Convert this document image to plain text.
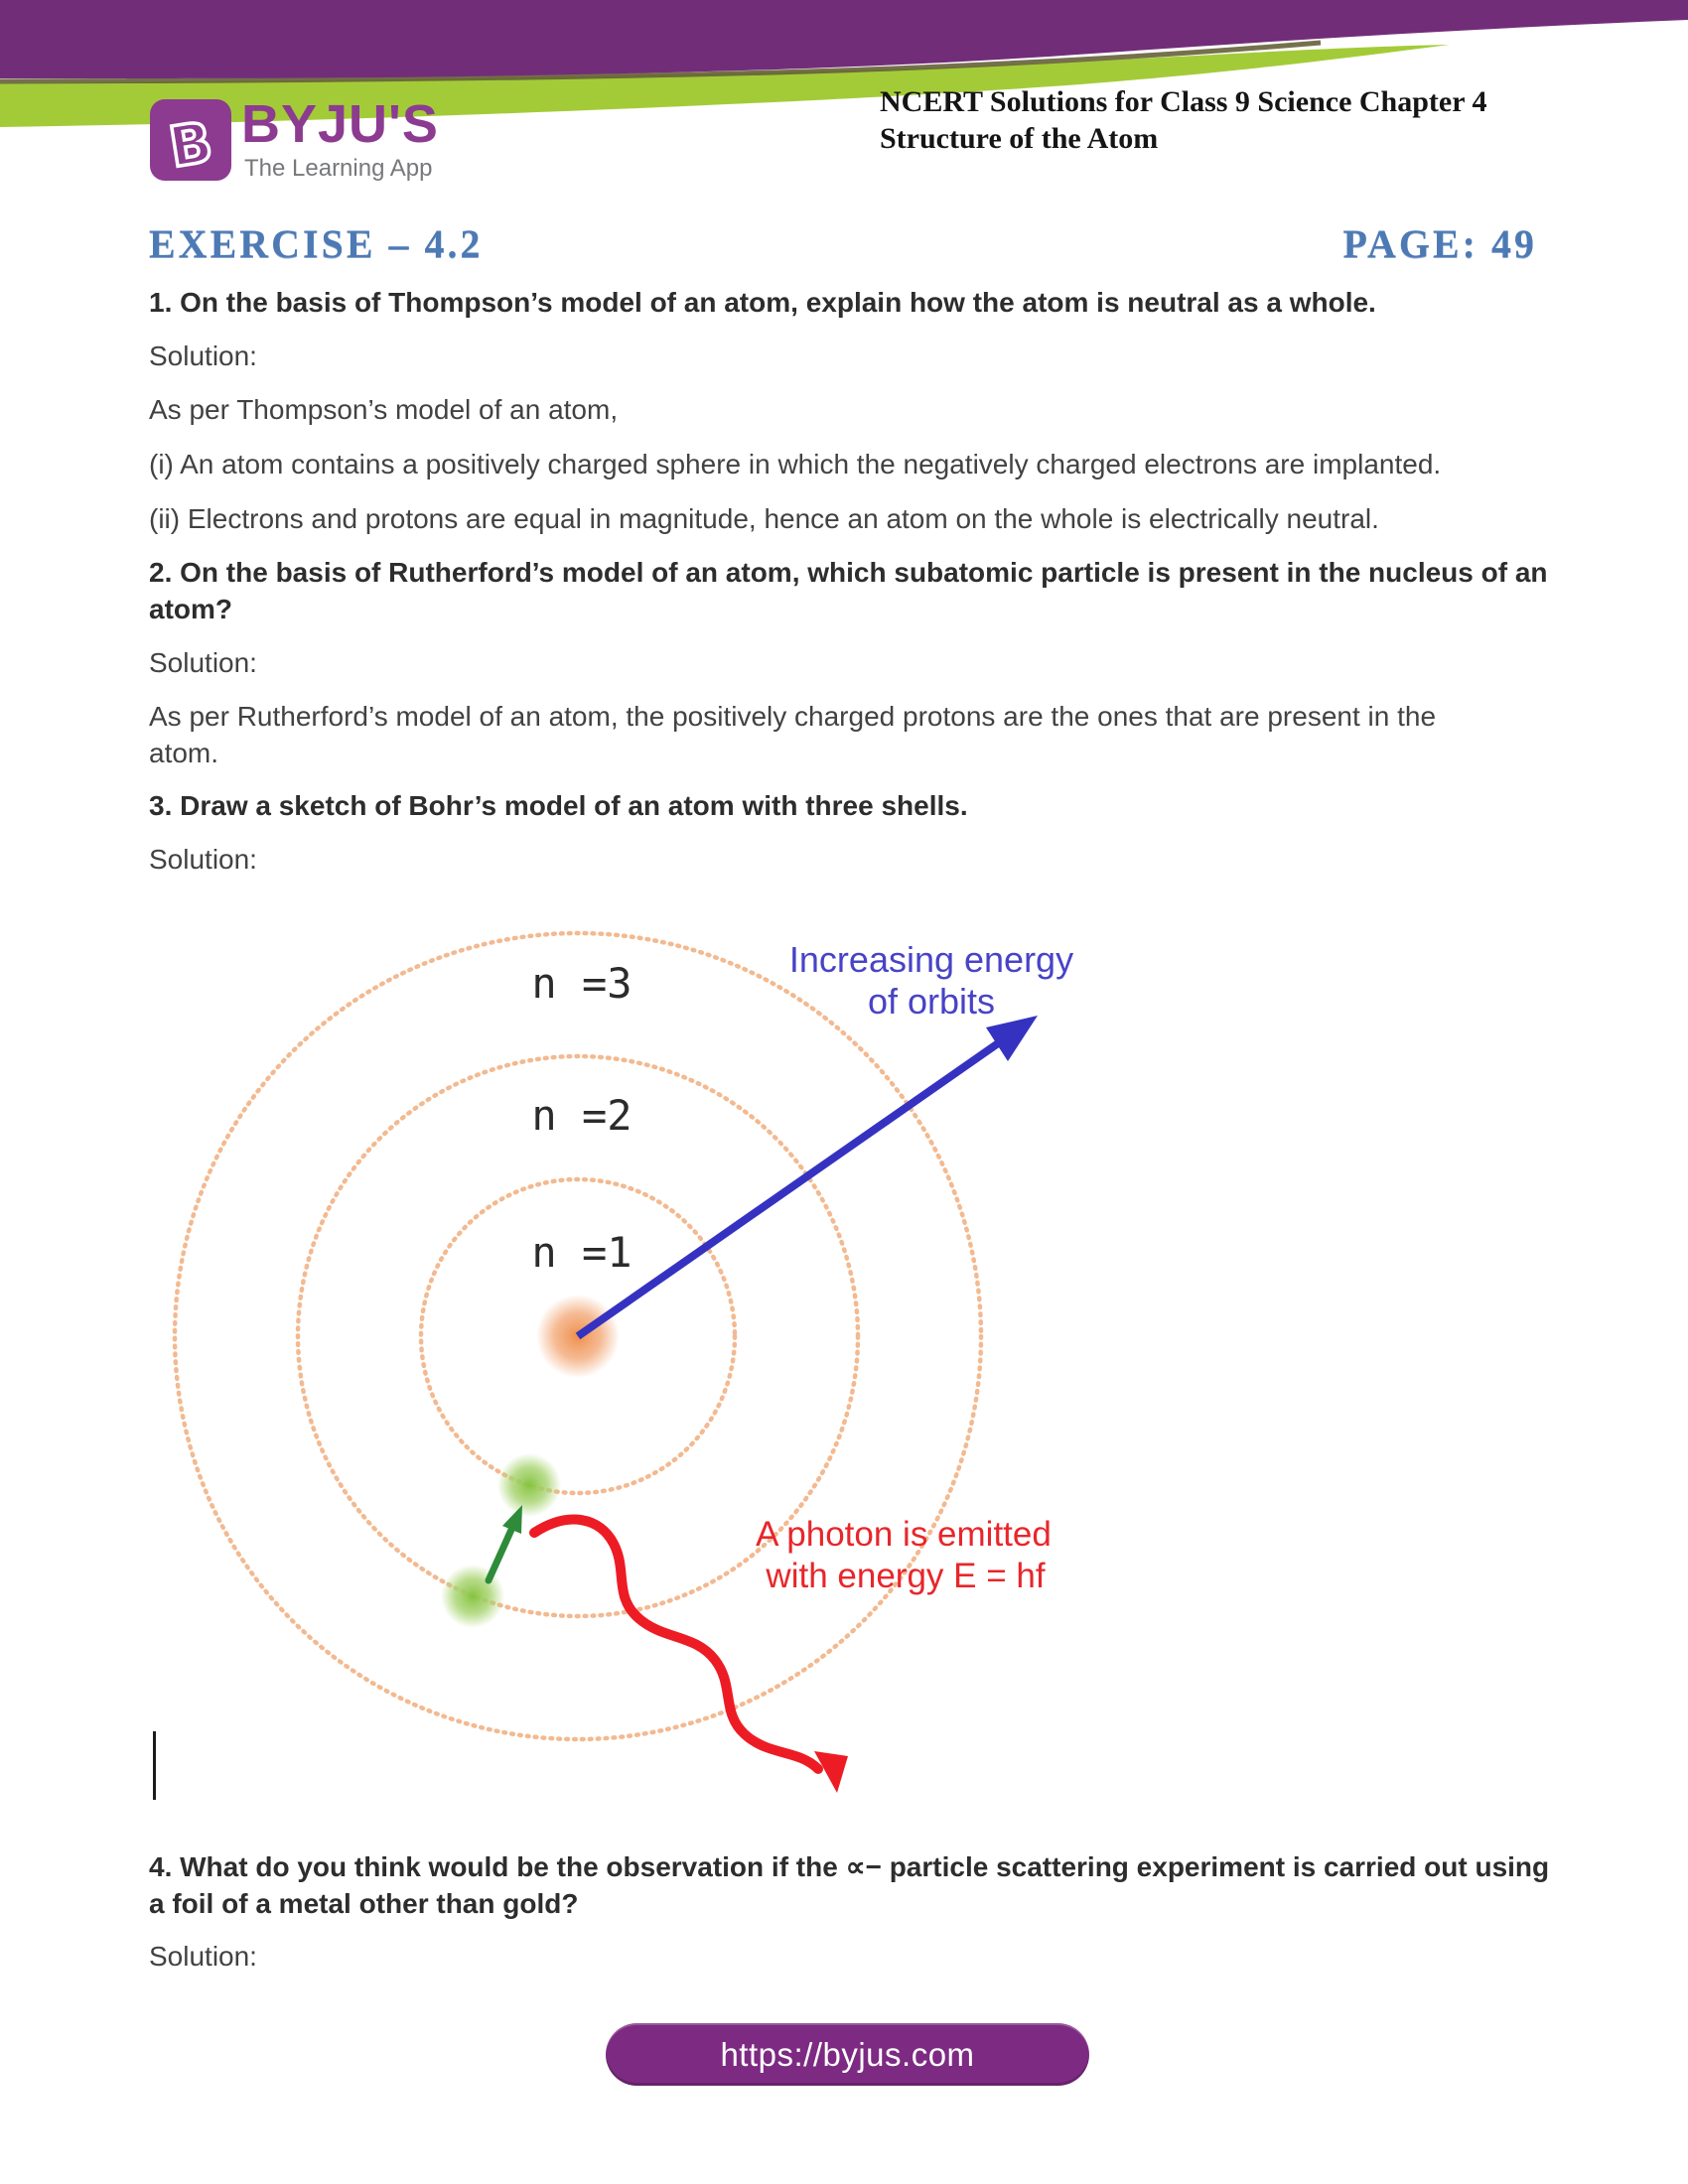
B BYJU'S
The Learning App
NCERT Solutions for Class 9 Science Chapter 4
Structure of the Atom
EXERCISE – 4.2	PAGE: 49
1. On the basis of Thompson’s model of an atom, explain how the atom is neutral as a whole.
Solution:
As per Thompson’s model of an atom,
(i) An atom contains a positively charged sphere in which the negatively charged electrons are implanted.
(ii) Electrons and protons are equal in magnitude, hence an atom on the whole is electrically neutral.
2. On the basis of Rutherford’s model of an atom, which subatomic particle is present in the nucleus of an
atom?
Solution:
As per Rutherford’s model of an atom, the positively charged protons are the ones that are present in the
atom.
3. Draw a sketch of Bohr’s model of an atom with three shells.
Solution:
n =3
n =2
n =1
Increasing energy
of orbits
A photon is emitted
with energy E = hf
4. What do you think would be the observation if the ∝− particle scattering experiment is carried out using
a foil of a metal other than gold?
Solution:
https://byjus.com
